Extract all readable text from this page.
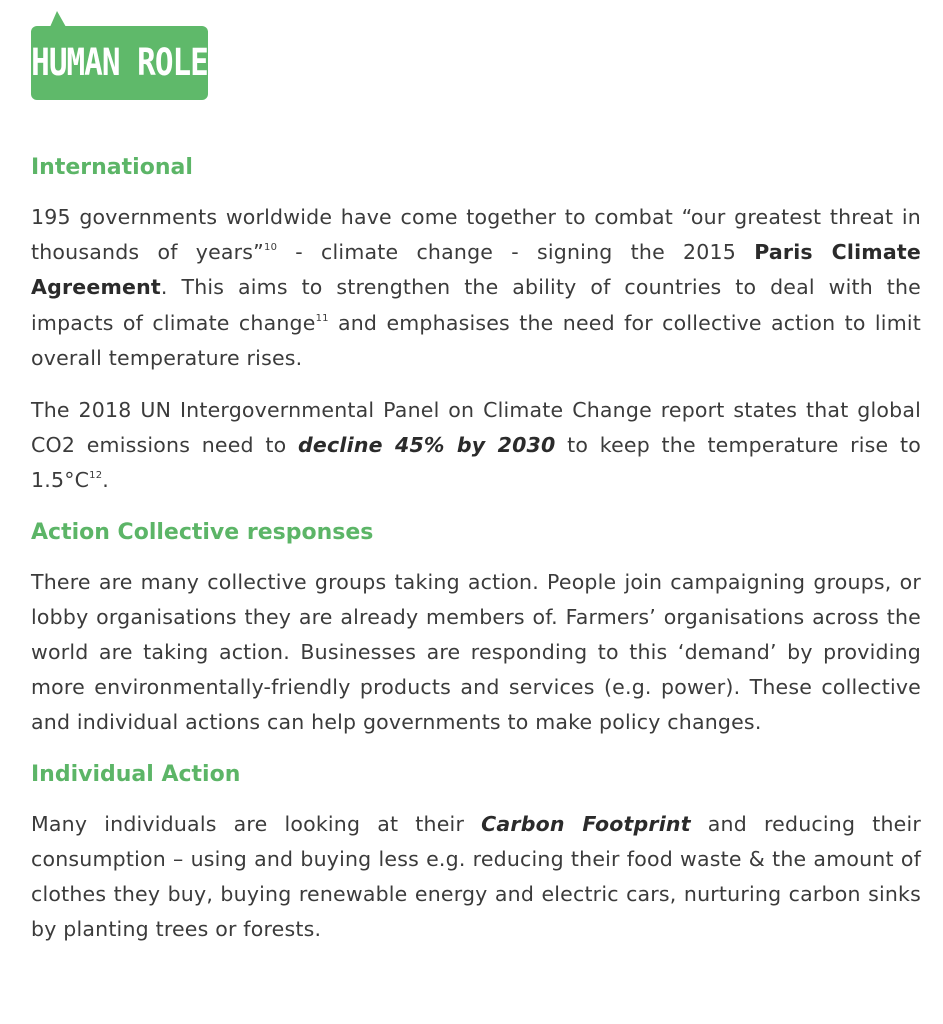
HUMAN ROLE
International

195 governments worldwide have come together to combat “our greatest threat in thousands of years”$^{10}$ - climate change - signing the 2015 Paris Climate Agreement. This aims to strengthen the ability of countries to deal with the impacts of climate change$^{11}$ and emphasises the need for collective action to limit overall temperature rises.

The 2018 UN Intergovernmental Panel on Climate Change report states that global CO2 emissions need to decline 45% by 2030 to keep the temperature rise to $1.5^\circ C^{12}$.

Action Collective responses

There are many collective groups taking action. People join campaigning groups, or lobby organisations they are already members of. Farmers’ organisations across the world are taking action. Businesses are responding to this ‘demand’ by providing more environmentally-friendly products and services (e.g. power). These collective and individual actions can help governments to make policy changes.

Individual Action

Many individuals are looking at their Carbon Footprint and reducing their consumption – using and buying less e.g. reducing their food waste & the amount of clothes they buy, buying renewable energy and electric cars, nurturing carbon sinks by planting trees or forests.
